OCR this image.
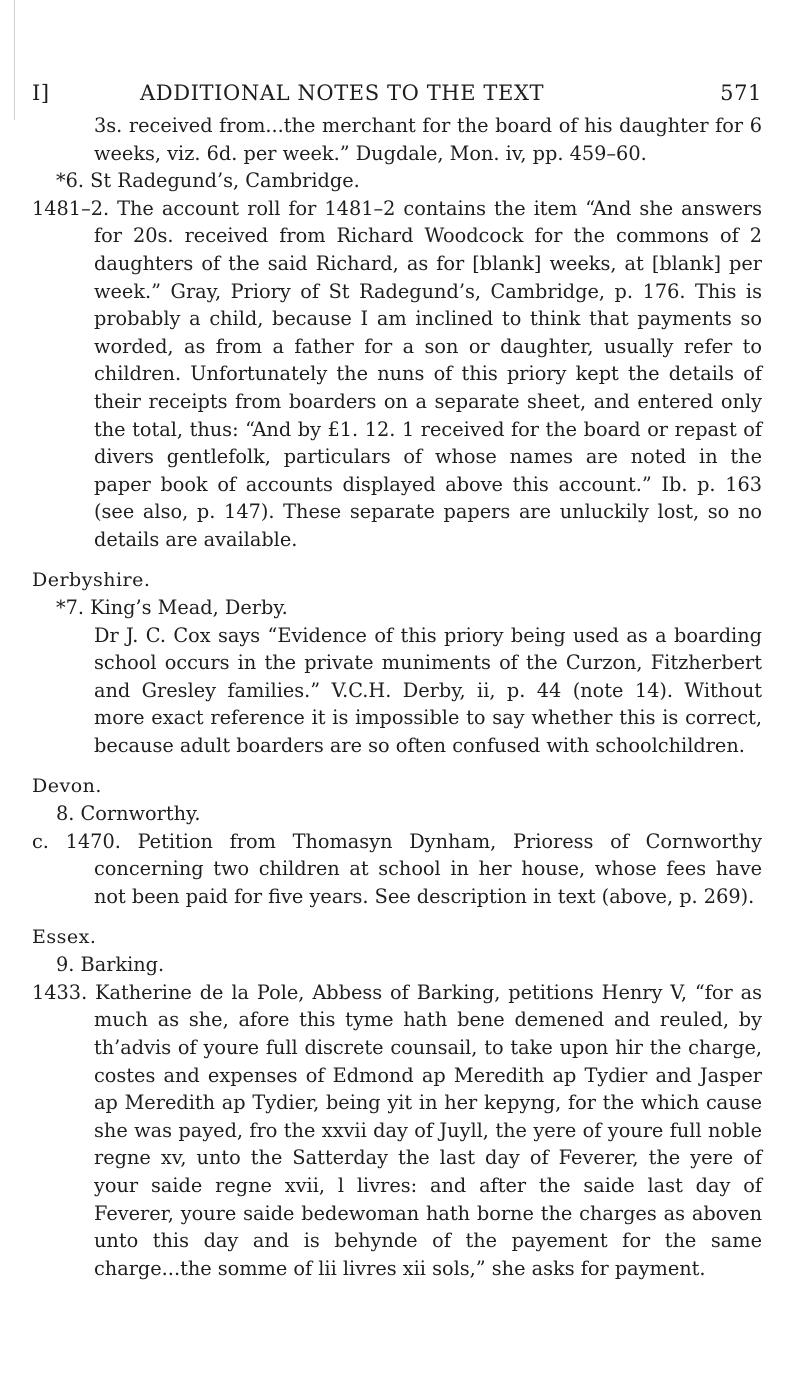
I]	ADDITIONAL NOTES TO THE TEXT	571

3s. received from...the merchant for the board of his daughter for 6 weeks, viz. 6d. per week.” Dugdale, Mon. iv, pp. 459–60.

*6. St Radegund’s, Cambridge.

1481–2. The account roll for 1481–2 contains the item “And she answers for 20s. received from Richard Woodcock for the commons of 2 daughters of the said Richard, as for [blank] weeks, at [blank] per week.” Gray, Priory of St Radegund’s, Cambridge, p. 176. This is probably a child, because I am inclined to think that payments so worded, as from a father for a son or daughter, usually refer to children. Unfortunately the nuns of this priory kept the details of their receipts from boarders on a separate sheet, and entered only the total, thus: “And by £1. 12. 1 received for the board or repast of divers gentlefolk, particulars of whose names are noted in the paper book of accounts displayed above this account.” Ib. p. 163 (see also, p. 147). These separate papers are unluckily lost, so no details are available.

Derbyshire.

*7. King’s Mead, Derby.

Dr J. C. Cox says “Evidence of this priory being used as a boarding school occurs in the private muniments of the Curzon, Fitzherbert and Gresley families.” V.C.H. Derby, ii, p. 44 (note 14). Without more exact reference it is impossible to say whether this is correct, because adult boarders are so often confused with schoolchildren.

Devon.

8. Cornworthy.

c. 1470. Petition from Thomasyn Dynham, Prioress of Cornworthy concerning two children at school in her house, whose fees have not been paid for five years. See description in text (above, p. 269).

Essex.

9. Barking.

1433. Katherine de la Pole, Abbess of Barking, petitions Henry V, “for as much as she, afore this tyme hath bene demened and reuled, by th’advis of youre full discrete counsail, to take upon hir the charge, costes and expenses of Edmond ap Meredith ap Tydier and Jasper ap Meredith ap Tydier, being yit in her kepyng, for the which cause she was payed, fro the xxvii day of Juyll, the yere of youre full noble regne xv, unto the Satterday the last day of Feverer, the yere of your saide regne xvii, l livres: and after the saide last day of Feverer, youre saide bedewoman hath borne the charges as aboven unto this day and is behynde of the payement for the same charge...the somme of lii livres xii sols,” she asks for payment.
